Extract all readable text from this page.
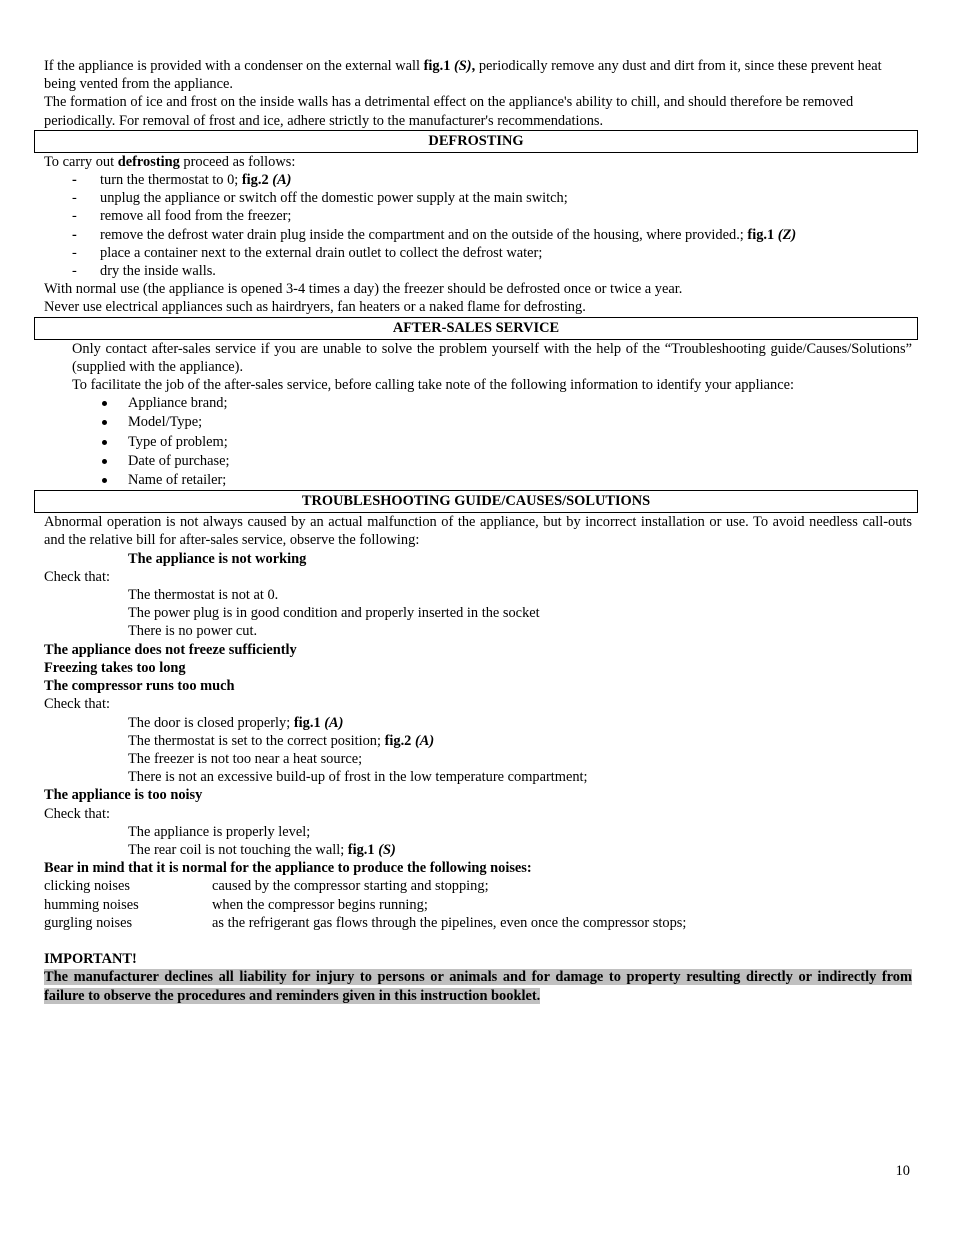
If the appliance is provided with a condenser on the external wall fig.1 (S), periodically remove any dust and dirt from it, since these prevent heat being vented from the appliance.

The formation of ice and frost on the inside walls has a detrimental effect on the appliance's ability to chill, and should therefore be removed periodically. For removal of frost and ice, adhere strictly to the manufacturer's recommendations.

DEFROSTING

To carry out defrosting proceed as follows:

- turn the thermostat to 0; fig.2 (A)
- unplug the appliance or switch off the domestic power supply at the main switch;
- remove all food from the freezer;
- remove the defrost water drain plug inside the compartment and on the outside of the housing, where provided.; fig.1 (Z)
- place a container next to the external drain outlet to collect the defrost water;
- dry the inside walls.

With normal use (the appliance is opened 3-4 times a day) the freezer should be defrosted once or twice a year.

Never use electrical appliances such as hairdryers, fan heaters or a naked flame for defrosting.

AFTER-SALES SERVICE

Only contact after-sales service if you are unable to solve the problem yourself with the help of the “Troubleshooting guide/Causes/Solutions” (supplied with the appliance).

To facilitate the job of the after-sales service, before calling take note of the following information to identify your appliance:

Appliance brand;
Model/Type;
Type of problem;
Date of purchase;
Name of retailer;
TROUBLESHOOTING GUIDE/CAUSES/SOLUTIONS

Abnormal operation is not always caused by an actual malfunction of the appliance, but by incorrect installation or use. To avoid needless call-outs and the relative bill for after-sales service, observe the following:

The appliance is not working

Check that:

The thermostat is not at 0.

The power plug is in good condition and properly inserted in the socket

There is no power cut.

The appliance does not freeze sufficiently

Freezing takes too long

The compressor runs too much

Check that:

The door is closed properly; fig.1 (A)

The thermostat is set to the correct position; fig.2 (A)

The freezer is not too near a heat source;

There is not an excessive build-up of frost in the low temperature compartment;

The appliance is too noisy

Check that:

The appliance is properly level;

The rear coil is not touching the wall; fig.1 (S)

Bear in mind that it is normal for the appliance to produce the following noises:

clicking noises	caused by the compressor starting and stopping;
humming noises	when the compressor begins running;
gurgling noises	as the refrigerant gas flows through the pipelines, even once the compressor stops;

IMPORTANT!

The manufacturer declines all liability for injury to persons or animals and for damage to property resulting directly or indirectly from failure to observe the procedures and reminders given in this instruction booklet.

10
